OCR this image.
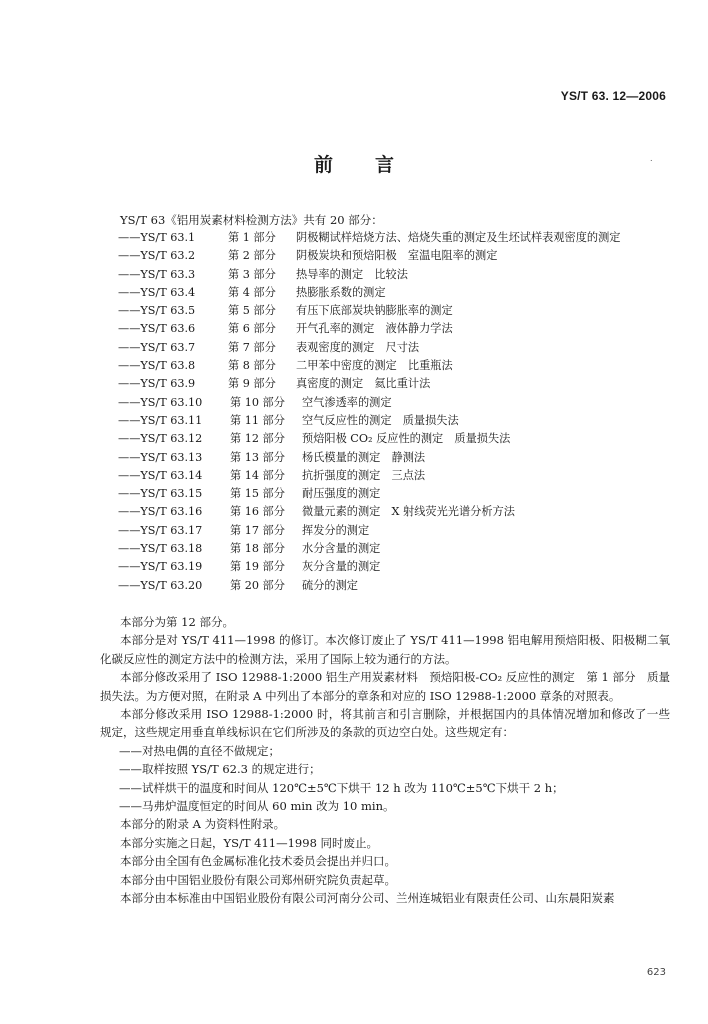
YS/T 63. 12—2006
前言	.
YS/T 63《铝用炭素材料检测方法》共有 20 部分：
——YS/T 63.1	第 1 部分 阴极糊试样焙烧方法、焙烧失重的测定及生坯试样表观密度的测定
——YS/T 63.2	第 2 部分 阴极炭块和预焙阳极　室温电阻率的测定
——YS/T 63.3	第 3 部分 热导率的测定　比较法
——YS/T 63.4	第 4 部分 热膨胀系数的测定
——YS/T 63.5	第 5 部分 有压下底部炭块钠膨胀率的测定
——YS/T 63.6	第 6 部分 开气孔率的测定　液体静力学法
——YS/T 63.7	第 7 部分 表观密度的测定　尺寸法
——YS/T 63.8	第 8 部分 二甲苯中密度的测定　比重瓶法
——YS/T 63.9	第 9 部分 真密度的测定　氦比重计法
——YS/T 63.10 第 10 部分 空气渗透率的测定
——YS/T 63.11 第 11 部分 空气反应性的测定　质量损失法
——YS/T 63.12 第 12 部分 预焙阳极 CO₂ 反应性的测定　质量损失法
——YS/T 63.13 第 13 部分 杨氏模量的测定　静测法
——YS/T 63.14 第 14 部分 抗折强度的测定　三点法
——YS/T 63.15 第 15 部分 耐压强度的测定
——YS/T 63.16 第 16 部分 微量元素的测定　X 射线荧光光谱分析方法
——YS/T 63.17 第 17 部分 挥发分的测定
——YS/T 63.18 第 18 部分 水分含量的测定
——YS/T 63.19 第 19 部分 灰分含量的测定
——YS/T 63.20 第 20 部分 硫分的测定

本部分为第 12 部分。

本部分是对 YS/T 411—1998 的修订。本次修订废止了 YS/T 411—1998 铝电解用预焙阳极、阳极糊二氧化碳反应性的测定方法中的检测方法，采用了国际上较为通行的方法。

本部分修改采用了 ISO 12988-1:2000 铝生产用炭素材料　预焙阳极-CO₂ 反应性的测定　第 1 部分　质量损失法。为方便对照，在附录 A 中列出了本部分的章条和对应的 ISO 12988-1:2000 章条的对照表。

本部分修改采用 ISO 12988-1:2000 时，将其前言和引言删除，并根据国内的具体情况增加和修改了一些规定，这些规定用垂直单线标识在它们所涉及的条款的页边空白处。这些规定有：

——对热电偶的直径不做规定；

——取样按照 YS/T 62.3 的规定进行；

——试样烘干的温度和时间从 120℃±5℃下烘干 12 h 改为 110℃±5℃下烘干 2 h；

——马弗炉温度恒定的时间从 60 min 改为 10 min。

本部分的附录 A 为资料性附录。

本部分实施之日起，YS/T 411—1998 同时废止。

本部分由全国有色金属标准化技术委员会提出并归口。

本部分由中国铝业股份有限公司郑州研究院负责起草。

本部分由本标准由中国铝业股份有限公司河南分公司、兰州连城铝业有限责任公司、山东晨阳炭素

623
